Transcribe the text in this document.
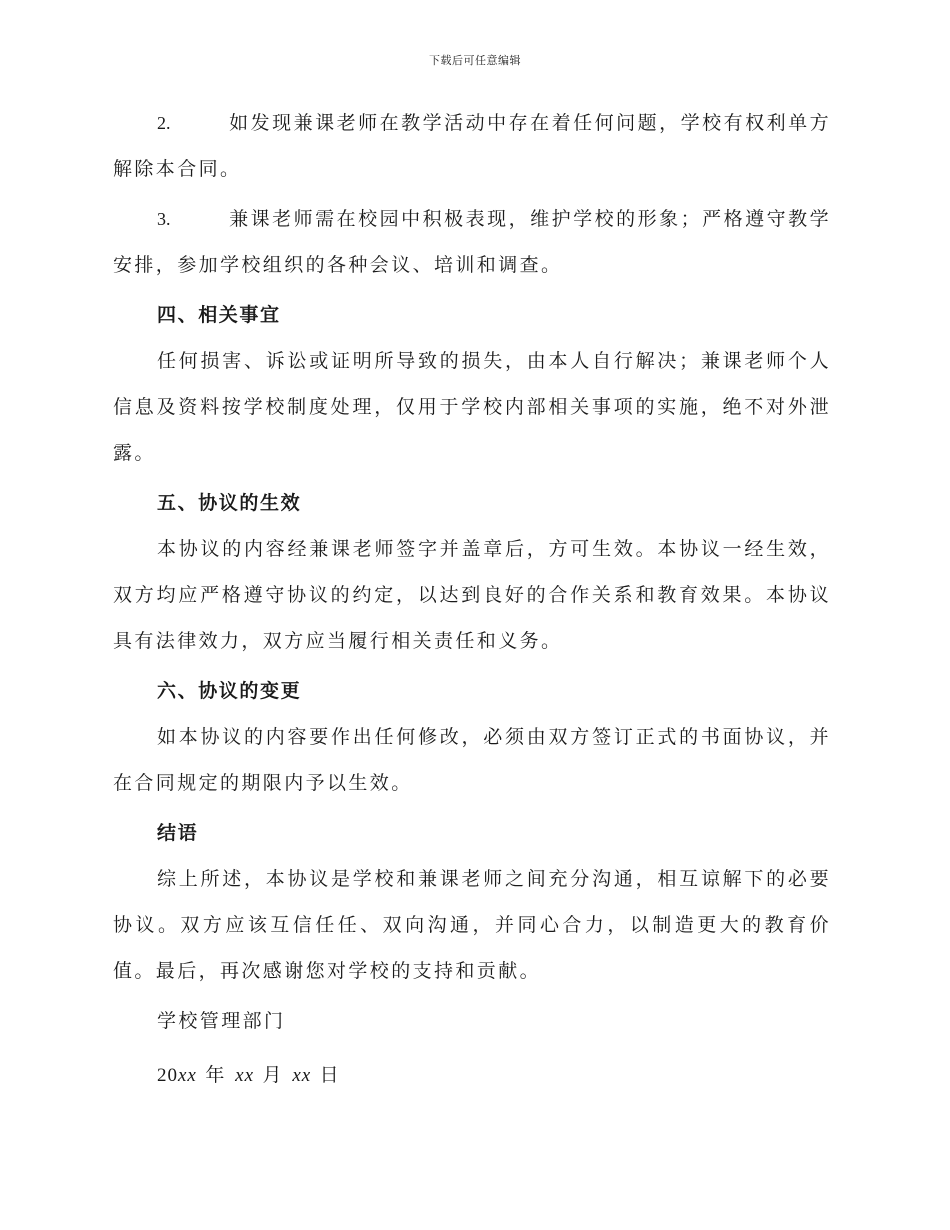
下载后可任意编辑

2.	如发现兼课老师在教学活动中存在着任何问题，学校有权利单方解除本合同。

3.	兼课老师需在校园中积极表现，维护学校的形象；严格遵守教学安排，参加学校组织的各种会议、培训和调查。

四、相关事宜

任何损害、诉讼或证明所导致的损失，由本人自行解决；兼课老师个人信息及资料按学校制度处理，仅用于学校内部相关事项的实施，绝不对外泄露。

五、协议的生效

本协议的内容经兼课老师签字并盖章后，方可生效。本协议一经生效，双方均应严格遵守协议的约定，以达到良好的合作关系和教育效果。本协议具有法律效力，双方应当履行相关责任和义务。

六、协议的变更

如本协议的内容要作出任何修改，必须由双方签订正式的书面协议，并在合同规定的期限内予以生效。

结语

综上所述，本协议是学校和兼课老师之间充分沟通，相互谅解下的必要协议。双方应该互信任任、双向沟通，并同心合力，以制造更大的教育价值。最后，再次感谢您对学校的支持和贡献。

学校管理部门

20xx 年 xx 月 xx 日
